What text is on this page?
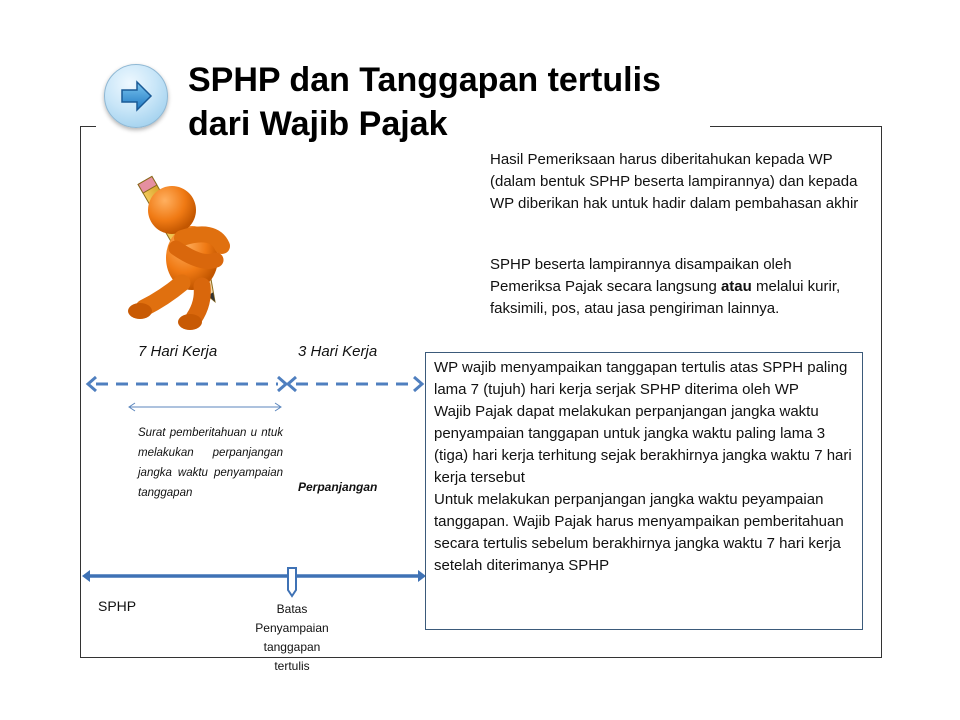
SPHP dan Tanggapan tertulis
dari Wajib Pajak
Hasil Pemeriksaan harus diberitahukan kepada WP (dalam bentuk SPHP beserta lampirannya) dan kepada WP diberikan hak untuk hadir dalam pembahasan akhir
SPHP beserta lampirannya disampaikan oleh Pemeriksa Pajak secara langsung atau melalui kurir, faksimili, pos, atau jasa pengiriman lainnya.
7 Hari Kerja	3 Hari Kerja
Surat pemberitahuan u ntuk melakukan perpanjangan jangka waktu penyampaian tanggapan	Perpanjangan
SPHP	Batas Penyampaian tanggapan tertulis

WP wajib menyampaikan tanggapan tertulis atas SPPH paling lama 7 (tujuh) hari kerja serjak SPHP diterima oleh WP

Wajib Pajak dapat melakukan perpanjangan jangka waktu penyampaian tanggapan untuk jangka waktu paling lama 3 (tiga) hari kerja terhitung sejak berakhirnya jangka waktu 7 hari kerja tersebut

Untuk melakukan perpanjangan jangka waktu peyampaian tanggapan. Wajib Pajak harus menyampaikan pemberitahuan secara tertulis sebelum berakhirnya jangka waktu 7 hari kerja setelah diterimanya SPHP
